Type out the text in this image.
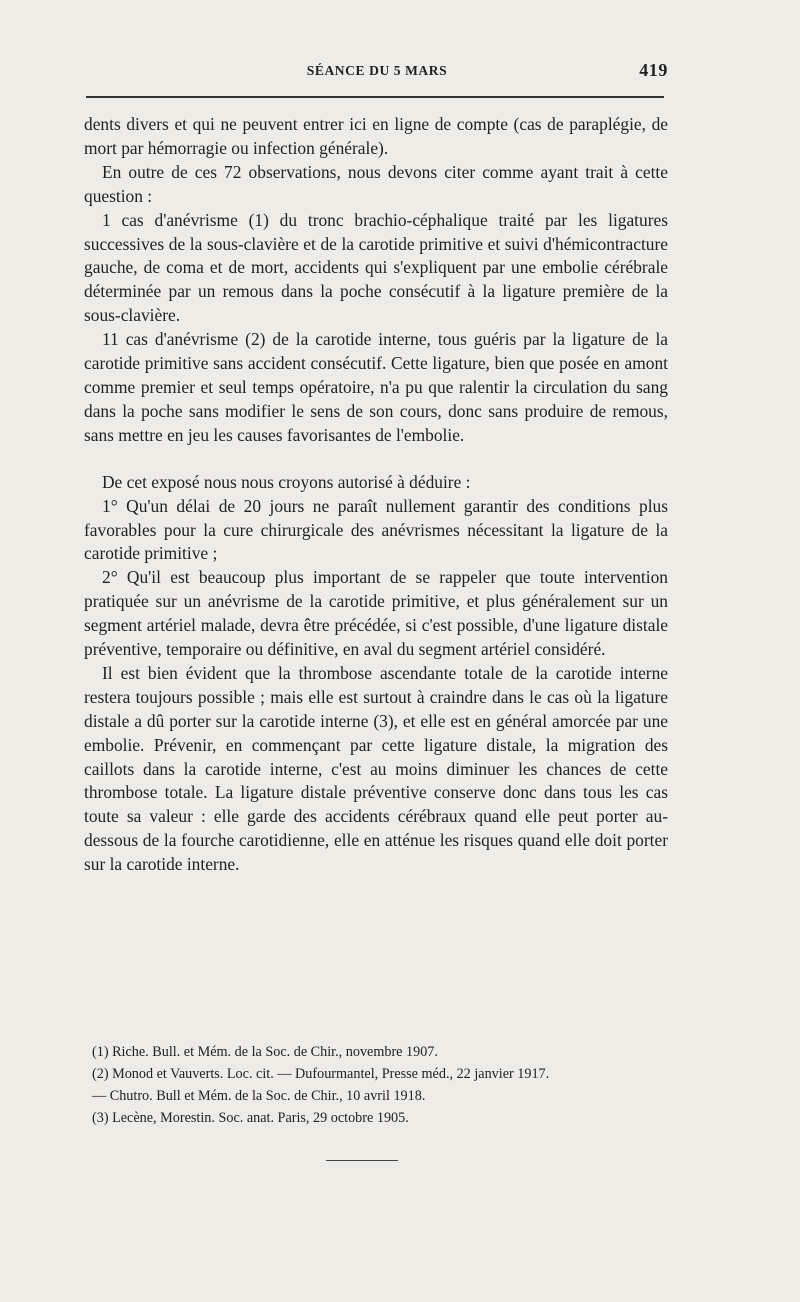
SÉANCE DU 5 MARS	419

dents divers et qui ne peuvent entrer ici en ligne de compte (cas de paraplégie, de mort par hémorragie ou infection générale).

En outre de ces 72 observations, nous devons citer comme ayant trait à cette question :

1 cas d'anévrisme (1) du tronc brachio-céphalique traité par les ligatures successives de la sous-clavière et de la carotide primitive et suivi d'hémicontracture gauche, de coma et de mort, accidents qui s'expliquent par une embolie cérébrale déterminée par un remous dans la poche consécutif à la ligature première de la sous-clavière.

11 cas d'anévrisme (2) de la carotide interne, tous guéris par la ligature de la carotide primitive sans accident consécutif. Cette ligature, bien que posée en amont comme premier et seul temps opératoire, n'a pu que ralentir la circulation du sang dans la poche sans modifier le sens de son cours, donc sans produire de remous, sans mettre en jeu les causes favorisantes de l'embolie.

De cet exposé nous nous croyons autorisé à déduire :

1° Qu'un délai de 20 jours ne paraît nullement garantir des conditions plus favorables pour la cure chirurgicale des anévrismes nécessitant la ligature de la carotide primitive ;

2° Qu'il est beaucoup plus important de se rappeler que toute intervention pratiquée sur un anévrisme de la carotide primitive, et plus généralement sur un segment artériel malade, devra être précédée, si c'est possible, d'une ligature distale préventive, temporaire ou définitive, en aval du segment artériel considéré.

Il est bien évident que la thrombose ascendante totale de la carotide interne restera toujours possible ; mais elle est surtout à craindre dans le cas où la ligature distale a dû porter sur la carotide interne (3), et elle est en général amorcée par une embolie. Prévenir, en commençant par cette ligature distale, la migration des caillots dans la carotide interne, c'est au moins diminuer les chances de cette thrombose totale. La ligature distale préventive conserve donc dans tous les cas toute sa valeur : elle garde des accidents cérébraux quand elle peut porter au-dessous de la fourche carotidienne, elle en atténue les risques quand elle doit porter sur la carotide interne.

(1) Riche. Bull. et Mém. de la Soc. de Chir., novembre 1907.

(2) Monod et Vauverts. Loc. cit. — Dufourmantel, Presse méd., 22 janvier 1917.

— Chutro. Bull et Mém. de la Soc. de Chir., 10 avril 1918.

(3) Lecène, Morestin. Soc. anat. Paris, 29 octobre 1905.
